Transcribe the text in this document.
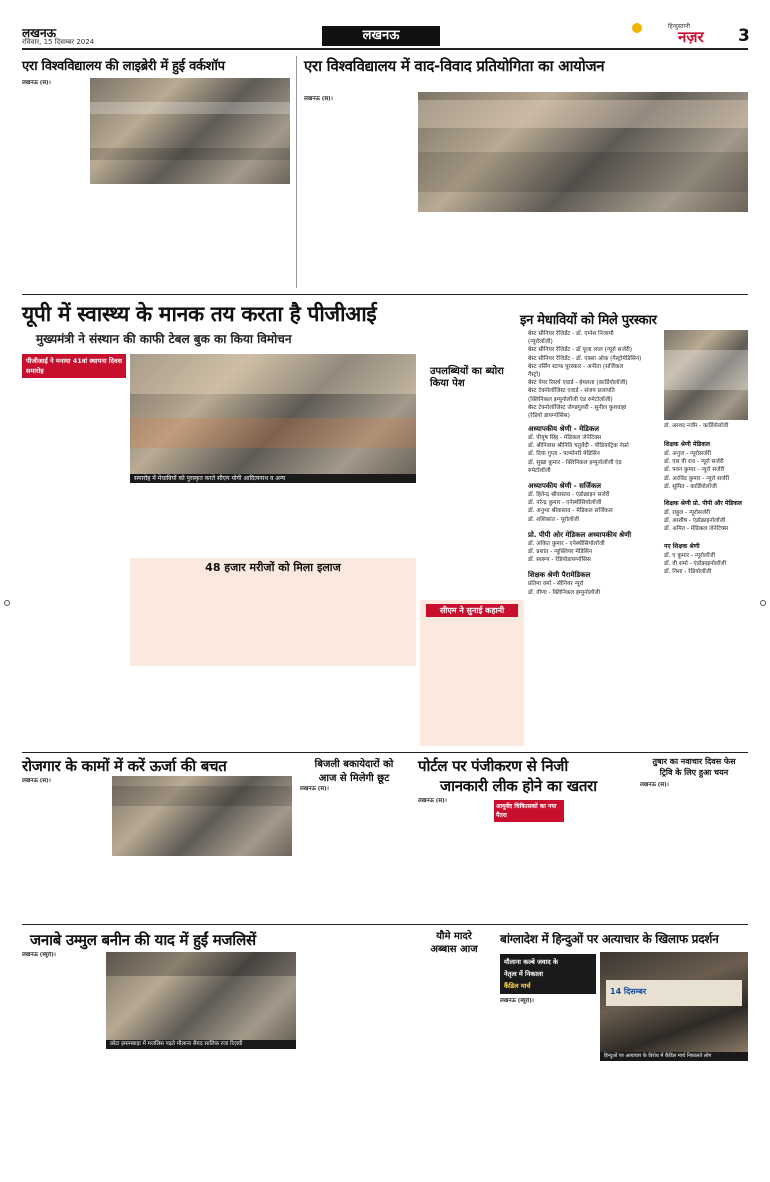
लखनऊ
रविवार, 15 दिसम्बर 2024	लखनऊ
हिन्दुस्तानी
नज़र 3
एरा विश्वविद्यालय की लाइब्रेरी में हुई वर्कशॉप
लखनऊ (सं)।
एरा विश्वविद्यालय में वाद-विवाद प्रतियोगिता का आयोजन
लखनऊ (सं)।
यूपी में स्वास्थ्य के मानक तय करता है पीजीआई
मुख्यमंत्री ने संस्थान की काफी टेबल बुक का किया विमोचन
पीजीआई ने मनाया 41वां स्थापना दिवस समारोह
समारोह में मेधावियों को पुरस्कृत करते सीएम योगी आदित्यनाथ व अन्य
48 हजार मरीजों को मिला इलाज
उपलब्धियों का ब्योरा किया पेश
सीएम ने सुनाई कहानी
इन मेधावियों को मिले पुरस्कार
बेस्ट सीनियर रेजिडेंट - डॉ. एग्नेश निजामी
(न्यूरोलॉजी)
बेस्ट सीनियर रेजिडेंट - डॉ पूजा लाल (न्यूरो सर्जरी)
बेस्ट सीनियर रेजिडेंट - डॉ. एक्सा ओक (गैस्ट्रोमेडिसिन)
बेस्ट नर्सिंग स्टाफ पुरस्कार - अनीता (सर्जिकल
गैस्ट्रो)
बेस्ट पेपर रिसर्च एवार्ड - हेमलता (कार्डियोलॉजी)
बेस्ट टेक्नोलॉजिस्ट एवार्ड - संजय प्रजापति
(क्लिनिकल इम्युनोलॉजी एंड रुमेटोलॉजी)
बेस्ट टेक्नोलॉजिस्ट जेण्डगुलरी - सुनील कुशवाहा
(रेडियो डायग्नोसिस)
डॉ. अरशद नजीर - कार्डियोलॉजी
अध्यापकीय श्रेणी - मेडिकल
डॉ. पीयूष सिंह - मेडिकल जेनेटिक्स
डॉ. श्रीनिवास श्रीनिवि चतुर्वेदी - पीडियाट्रिक नेफ्रो
डॉ. दिया गुप्ता - पल्मोनरी मेडिसिन
डॉ. सुखा कुमार - क्लिनिकल इम्युनोलॉजी एंड
रुमेटोलॉजी
अध्यापकीय श्रेणी - सर्जिकल
डॉ. हितेन्द्र श्रीवास्तव - एंडोक्राइन सर्जरी
डॉ. नरेन्द्र कुमार - एनेस्थीसियोलॉजी
डॉ. अनुभा श्रीवास्तव - मेडिकल सर्जिकल
डॉ. शशिकांत - यूरोलॉजी
प्रो. पीपी ओर मेडिकल अध्यापकीय श्रेणी
डॉ. अंकित कुमार - एनेस्थीसियोलॉजी
डॉ. प्रशांत - न्यूक्लियर मेडिसिन
डॉ. स्वरूप - रेडियोडायग्नोसिस
शिक्षक श्रेणी पैरामेडिकल
प्रतिमा वर्मा - सीनियर न्यूरो
डॉ. वीणा - क्लिनिकल इम्युनोलॉजी
शिक्षक श्रेणी मेडिकल
डॉ. अनुज - न्यूरोसर्जरी
डॉ. एस पी राव - न्यूरो सर्जरी
डॉ. पवन कुमार - न्यूरो सर्जरी
डॉ. अरविंद कुमार - न्यूरो सर्जरी
डॉ. सुमित - कार्डियोलॉजी
शिक्षक श्रेणी प्रो. पीपी और मेडिकल
डॉ. राहुल - न्यूरोसर्जरी
डॉ. आशीष - एंडोक्राइनोलॉजी
डॉ. अमित - मेडिकल जेनेटिक्स
नए शिक्षक श्रेणी
डॉ. ए कुमार - न्यूरोलॉजी
डॉ. वी शर्मा - एंडोक्राइनोलॉजी
डॉ. निशा - रेडियोलॉजी
रोजगार के कामों में करें ऊर्जा की बचत
लखनऊ (सं)।
बिजली बकायेदारों को
आज से मिलेगी छूट
लखनऊ (सं)।
पोर्टल पर पंजीकरण से निजी
जानकारी लीक होने का खतरा
लखनऊ (सं)।
आयुर्वेद चिकित्सकों का नया पैंतरा
तुषार का नवाचार दिवस फेस
ट्रिवि के लिए हुआ चयन
लखनऊ (सं)।
जनाबे उम्मुल बनीन की याद में हुईं मजलिसें
लखनऊ (ब्यूरो)।
छोटा इमामबाड़ा में मजलिस पढ़ते मौलाना सैयद सालिक रजा रिज़वी
यौमे मादरे
अब्बास आज
बांग्लादेश में हिन्दुओं पर अत्याचार के खिलाफ प्रदर्शन
मौलाना कल्बे जवाद के
नेतृत्व में निकाला
कैंडिल मार्च
लखनऊ (ब्यूरो)।
14 दिसम्बर
हिन्दुओं पर अत्याचार के विरोध में कैंडिल मार्च निकालते लोग
